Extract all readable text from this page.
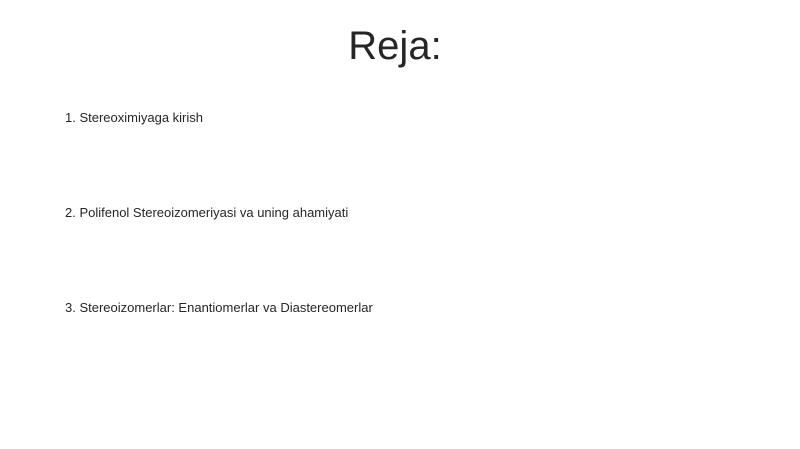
Reja:
1. Stereoximiyaga kirish
2. Polifenol Stereoizomeriyasi va uning ahamiyati
3. Stereoizomerlar: Enantiomerlar va Diastereomerlar
